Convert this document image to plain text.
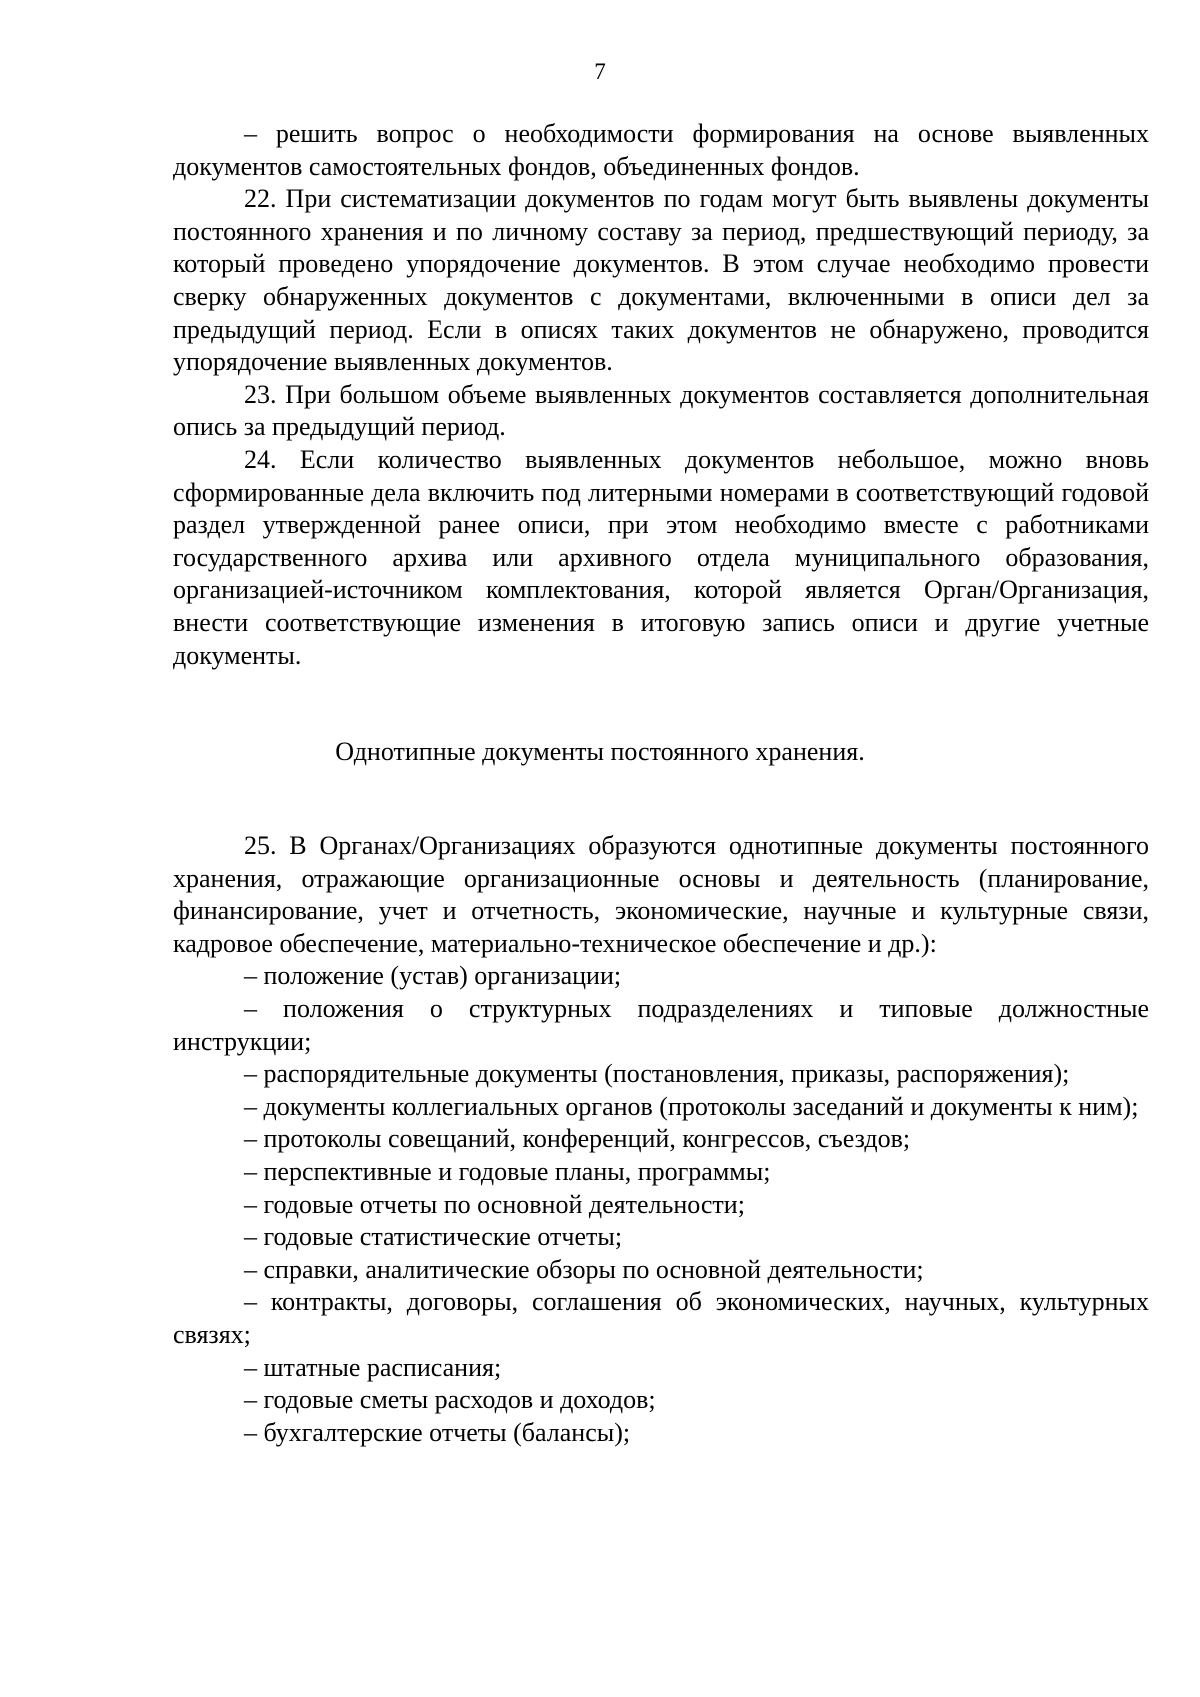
7

– решить вопрос о необходимости формирования на основе выявленных документов самостоятельных фондов, объединенных фондов.

22. При систематизации документов по годам могут быть выявлены документы постоянного хранения и по личному составу за период, предшествующий периоду, за который проведено упорядочение документов. В этом случае необходимо провести сверку обнаруженных документов с документами, включенными в описи дел за предыдущий период. Если в описях таких документов не обнаружено, проводится упорядочение выявленных документов.

23. При большом объеме выявленных документов составляется дополнительная опись за предыдущий период.

24. Если количество выявленных документов небольшое, можно вновь сформированные дела включить под литерными номерами в соответствующий годовой раздел утвержденной ранее описи, при этом необходимо вместе с работниками государственного архива или архивного отдела муниципального образования, организацией-источником комплектования, которой является Орган/Организация, внести соответствующие изменения в итоговую запись описи и другие учетные документы.

Однотипные документы постоянного хранения.

25. В Органах/Организациях образуются однотипные документы постоянного хранения, отражающие организационные основы и деятельность (планирование, финансирование, учет и отчетность, экономические, научные и культурные связи, кадровое обеспечение, материально-техническое обеспечение и др.):

– положение (устав) организации;

– положения о структурных подразделениях и типовые должностные инструкции;

– распорядительные документы (постановления, приказы, распоряжения);

– документы коллегиальных органов (протоколы заседаний и документы к ним);

– протоколы совещаний, конференций, конгрессов, съездов;

– перспективные и годовые планы, программы;

– годовые отчеты по основной деятельности;

– годовые статистические отчеты;

– справки, аналитические обзоры по основной деятельности;

– контракты, договоры, соглашения об экономических, научных, культурных связях;

– штатные расписания;

– годовые сметы расходов и доходов;

– бухгалтерские отчеты (балансы);
